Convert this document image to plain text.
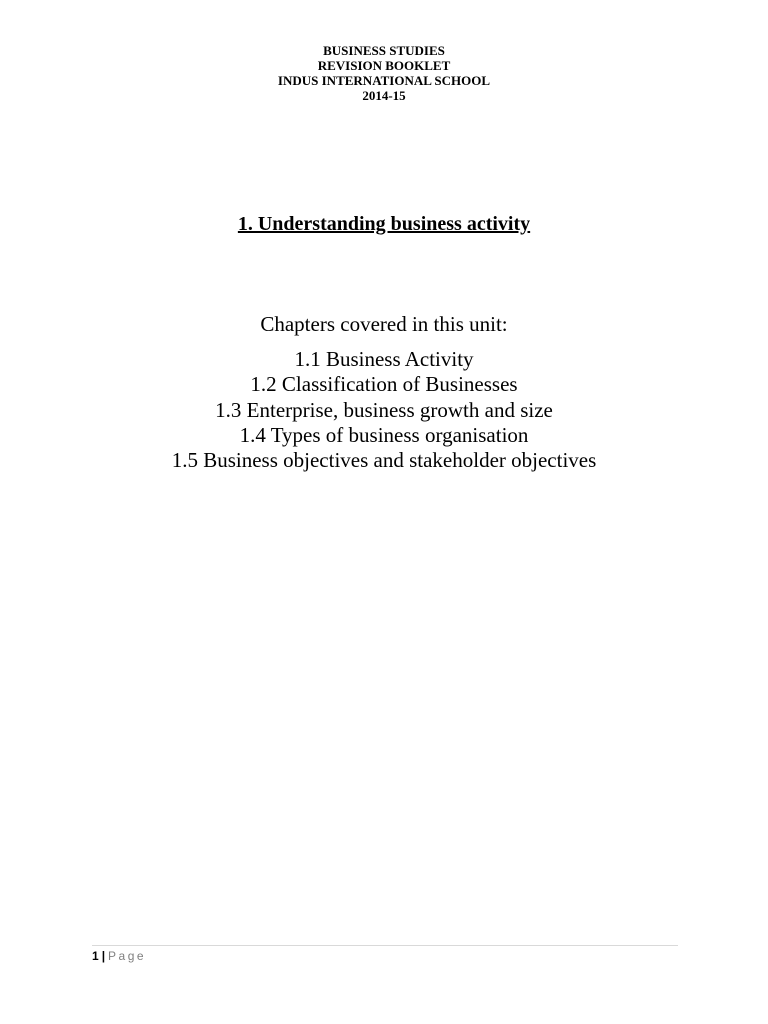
BUSINESS STUDIES
REVISION BOOKLET
INDUS INTERNATIONAL SCHOOL
2014-15
1. Understanding business activity
Chapters covered in this unit:
1.1 Business Activity
1.2 Classification of Businesses
1.3 Enterprise, business growth and size
1.4 Types of business organisation
1.5 Business objectives and stakeholder objectives
1 | Page
